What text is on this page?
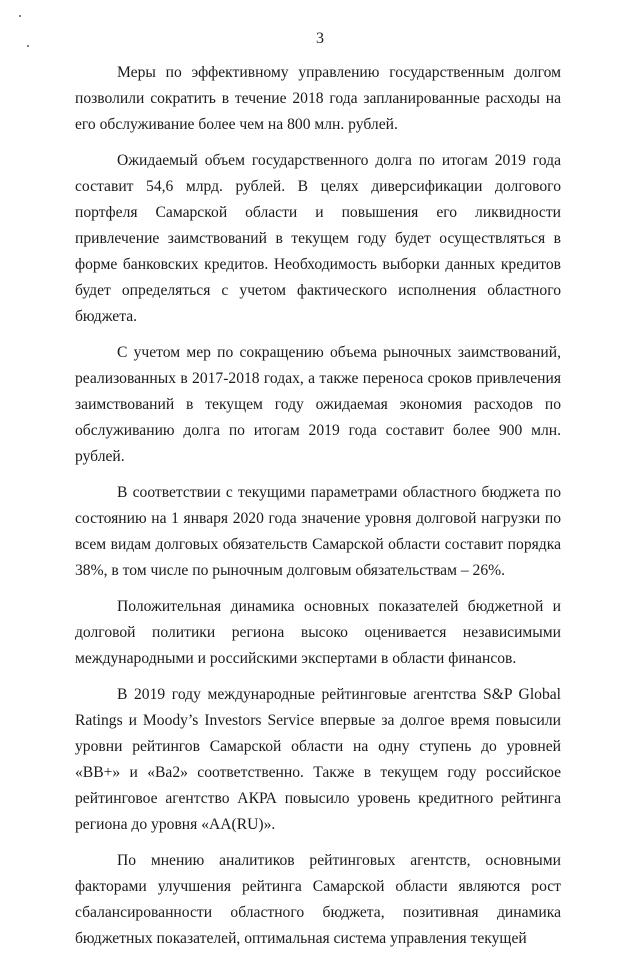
3

Меры по эффективному управлению государственным долгом позволили сократить в течение 2018 года запланированные расходы на его обслуживание более чем на 800 млн. рублей.

Ожидаемый объем государственного долга по итогам 2019 года составит 54,6 млрд. рублей. В целях диверсификации долгового портфеля Самарской области и повышения его ликвидности привлечение заимствований в текущем году будет осуществляться в форме банковских кредитов. Необходимость выборки данных кредитов будет определяться с учетом фактического исполнения областного бюджета.

С учетом мер по сокращению объема рыночных заимствований, реализованных в 2017-2018 годах, а также переноса сроков привлечения заимствований в текущем году ожидаемая экономия расходов по обслуживанию долга по итогам 2019 года составит более 900 млн. рублей.

В соответствии с текущими параметрами областного бюджета по состоянию на 1 января 2020 года значение уровня долговой нагрузки по всем видам долговых обязательств Самарской области составит порядка 38%, в том числе по рыночным долговым обязательствам – 26%.

Положительная динамика основных показателей бюджетной и долговой политики региона высоко оценивается независимыми международными и российскими экспертами в области финансов.

В 2019 году международные рейтинговые агентства S&P Global Ratings и Moody’s Investors Service впервые за долгое время повысили уровни рейтингов Самарской области на одну ступень до уровней «BB+» и «Ba2» соответственно. Также в текущем году российское рейтинговое агентство АКРА повысило уровень кредитного рейтинга региона до уровня «AA(RU)».

По мнению аналитиков рейтинговых агентств, основными факторами улучшения рейтинга Самарской области являются рост сбалансированности областного бюджета, позитивная динамика бюджетных показателей, оптимальная система управления текущей
